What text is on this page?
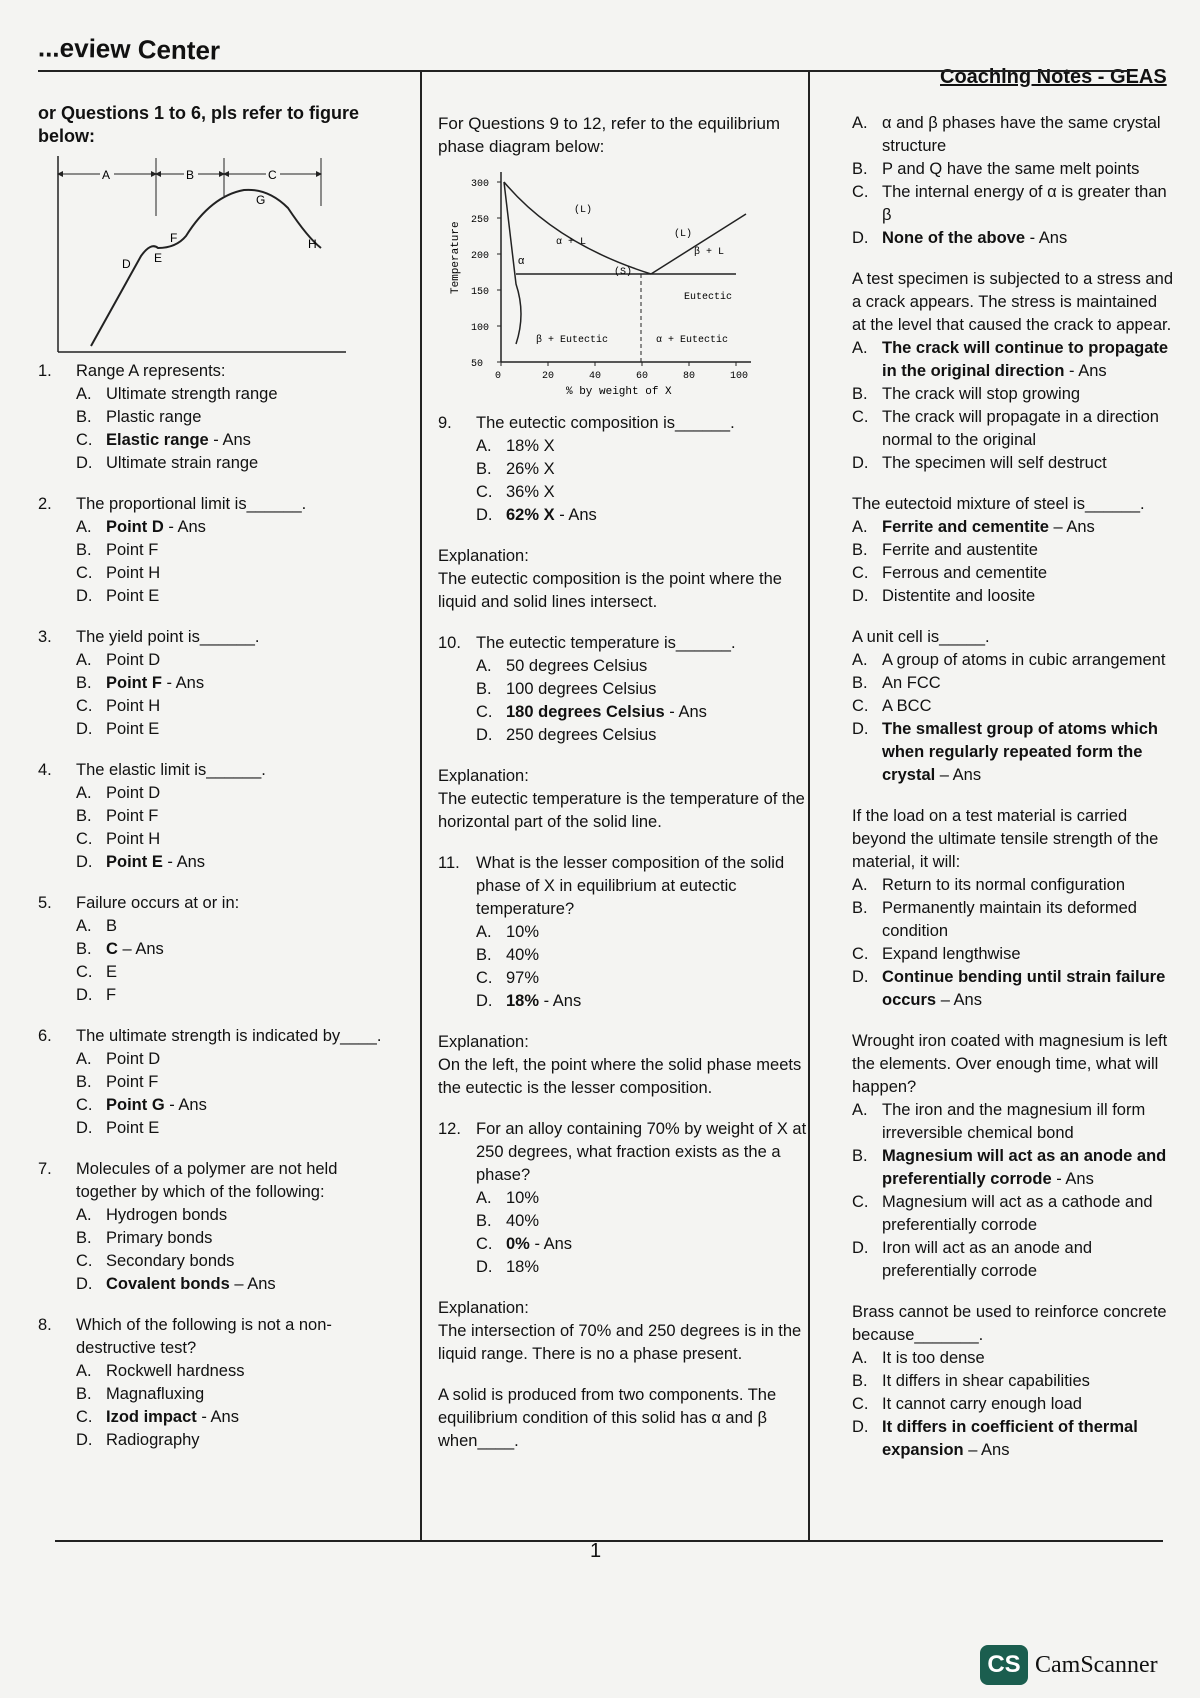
...eview Center
Coaching Notes - GEAS
or Questions 1 to 6, pls refer to figure below:
A	B	C
D E
F
G
H
1.	Range A represents:
A. Ultimate strength range
B. Plastic range
C. Elastic range - Ans
D. Ultimate strain range
2.	The proportional limit is______.
A. Point D - Ans
B. Point F
C. Point H
D. Point E
3.	The yield point is______.
A. Point D
B. Point F - Ans
C. Point H
D. Point E
4.	The elastic limit is______.
A. Point D
B. Point F
C. Point H
D. Point E - Ans
5.	Failure occurs at or in:
A. B
B. C – Ans
C. E
D. F
6.	The ultimate strength is indicated by____.
A. Point D
B. Point F
C. Point G - Ans
D. Point E
7.	Molecules of a polymer are not held together by which of the following:
A. Hydrogen bonds
B. Primary bonds
C. Secondary bonds
D. Covalent bonds – Ans
8.	Which of the following is not a non-destructive test?
A. Rockwell hardness
B. Magnafluxing
C. Izod impact - Ans
D. Radiography
For Questions 9 to 12, refer to the equilibrium phase diagram below:
Temperature
300
250
200
150
100
50
0	20	40	60	80	100
% by weight of X
(L)
(L)
α + L
β + L
α
(S)
Eutectic
β + Eutectic	α + Eutectic
9.	The eutectic composition is______.
A. 18% X
B. 26% X
C. 36% X
D. 62% X - Ans
Explanation:
The eutectic composition is the point where the liquid and solid lines intersect.
10. The eutectic temperature is______.
A. 50 degrees Celsius
B. 100 degrees Celsius
C. 180 degrees Celsius - Ans
D. 250 degrees Celsius
Explanation:
The eutectic temperature is the temperature of the horizontal part of the solid line.
11. What is the lesser composition of the solid phase of X in equilibrium at eutectic temperature?
A. 10%
B. 40%
C. 97%
D. 18% - Ans
Explanation:
On the left, the point where the solid phase meets the eutectic is the lesser composition.
12. For an alloy containing 70% by weight of X at 250 degrees, what fraction exists as the a phase?
A. 10%
B. 40%
C. 0% - Ans
D. 18%
Explanation:
The intersection of 70% and 250 degrees is in the liquid range. There is no a phase present.
A solid is produced from two components. The equilibrium condition of this solid has α and β when____.
A. α and β phases have the same crystal structure
B. P and Q have the same melt points
C. The internal energy of α is greater than β
D. None of the above - Ans
A test specimen is subjected to a stress and a crack appears. The stress is maintained at the level that caused the crack to appear.
A. The crack will continue to propagate in the original direction - Ans
B. The crack will stop growing
C. The crack will propagate in a direction normal to the original
D. The specimen will self destruct
The eutectoid mixture of steel is______.
A. Ferrite and cementite – Ans
B. Ferrite and austentite
C. Ferrous and cementite
D. Distentite and loosite
A unit cell is_____.
A. A group of atoms in cubic arrangement
B. An FCC
C. A BCC
D. The smallest group of atoms which when regularly repeated form the crystal – Ans
If the load on a test material is carried beyond the ultimate tensile strength of the material, it will:
A. Return to its normal configuration
B. Permanently maintain its deformed condition
C. Expand lengthwise
D. Continue bending until strain failure occurs – Ans
Wrought iron coated with magnesium is left the elements. Over enough time, what will happen?
A. The iron and the magnesium ill form irreversible chemical bond
B. Magnesium will act as an anode and preferentially corrode - Ans
C. Magnesium will act as a cathode and preferentially corrode
D. Iron will act as an anode and preferentially corrode
Brass cannot be used to reinforce concrete because_______.
A. It is too dense
B. It differs in shear capabilities
C. It cannot carry enough load
D. It differs in coefficient of thermal expansion – Ans
1
CS CamScanner
